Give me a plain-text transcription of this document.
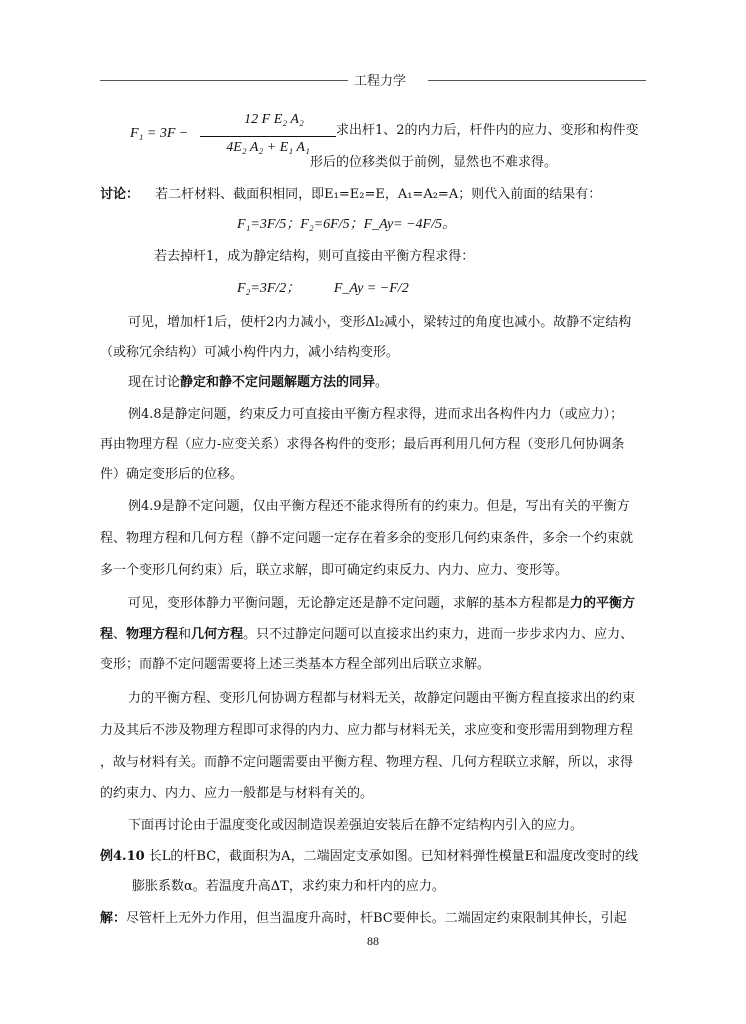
工程力学
F₁ = 3F −
12 F E₂ A₂
4E₂ A₂ + E₁ A₁
求出杆1、2的内力后，杆件内的应力、变形和构件变
形后的位移类似于前例，显然也不难求得。
讨论： 若二杆材料、截面积相同，即E₁=E₂=E，A₁=A₂=A；则代入前面的结果有：
F₁=3F/5；F₂=6F/5；F_Ay= −4F/5。
若去掉杆1，成为静定结构，则可直接由平衡方程求得：
F₂=3F/2； F_Ay = −F/2
可见，增加杆1后，使杆2内力减小，变形Δl₂减小，梁转过的角度也减小。故静不定结构
（或称冗余结构）可减小构件内力，减小结构变形。
现在讨论静定和静不定问题解题方法的同异。
例4.8是静定问题，约束反力可直接由平衡方程求得，进而求出各构件内力（或应力）；
再由物理方程（应力-应变关系）求得各构件的变形；最后再利用几何方程（变形几何协调条
件）确定变形后的位移。
例4.9是静不定问题，仅由平衡方程还不能求得所有的约束力。但是，写出有关的平衡方
程、物理方程和几何方程（静不定问题一定存在着多余的变形几何约束条件，多余一个约束就
多一个变形几何约束）后，联立求解，即可确定约束反力、内力、应力、变形等。
可见，变形体静力平衡问题，无论静定还是静不定问题，求解的基本方程都是力的平衡方
程、物理方程和几何方程。只不过静定问题可以直接求出约束力，进而一步步求内力、应力、
变形；而静不定问题需要将上述三类基本方程全部列出后联立求解。
力的平衡方程、变形几何协调方程都与材料无关，故静定问题由平衡方程直接求出的约束
力及其后不涉及物理方程即可求得的内力、应力都与材料无关，求应变和变形需用到物理方程
，故与材料有关。而静不定问题需要由平衡方程、物理方程、几何方程联立求解，所以，求得
的约束力、内力、应力一般都是与材料有关的。
下面再讨论由于温度变化或因制造误差强迫安装后在静不定结构内引入的应力。
例4.10 长L的杆BC，截面积为A，二端固定支承如图。已知材料弹性模量E和温度改变时的线
膨胀系数α。若温度升高ΔT，求约束力和杆内的应力。
解：尽管杆上无外力作用，但当温度升高时，杆BC要伸长。二端固定约束限制其伸长，引起
88
